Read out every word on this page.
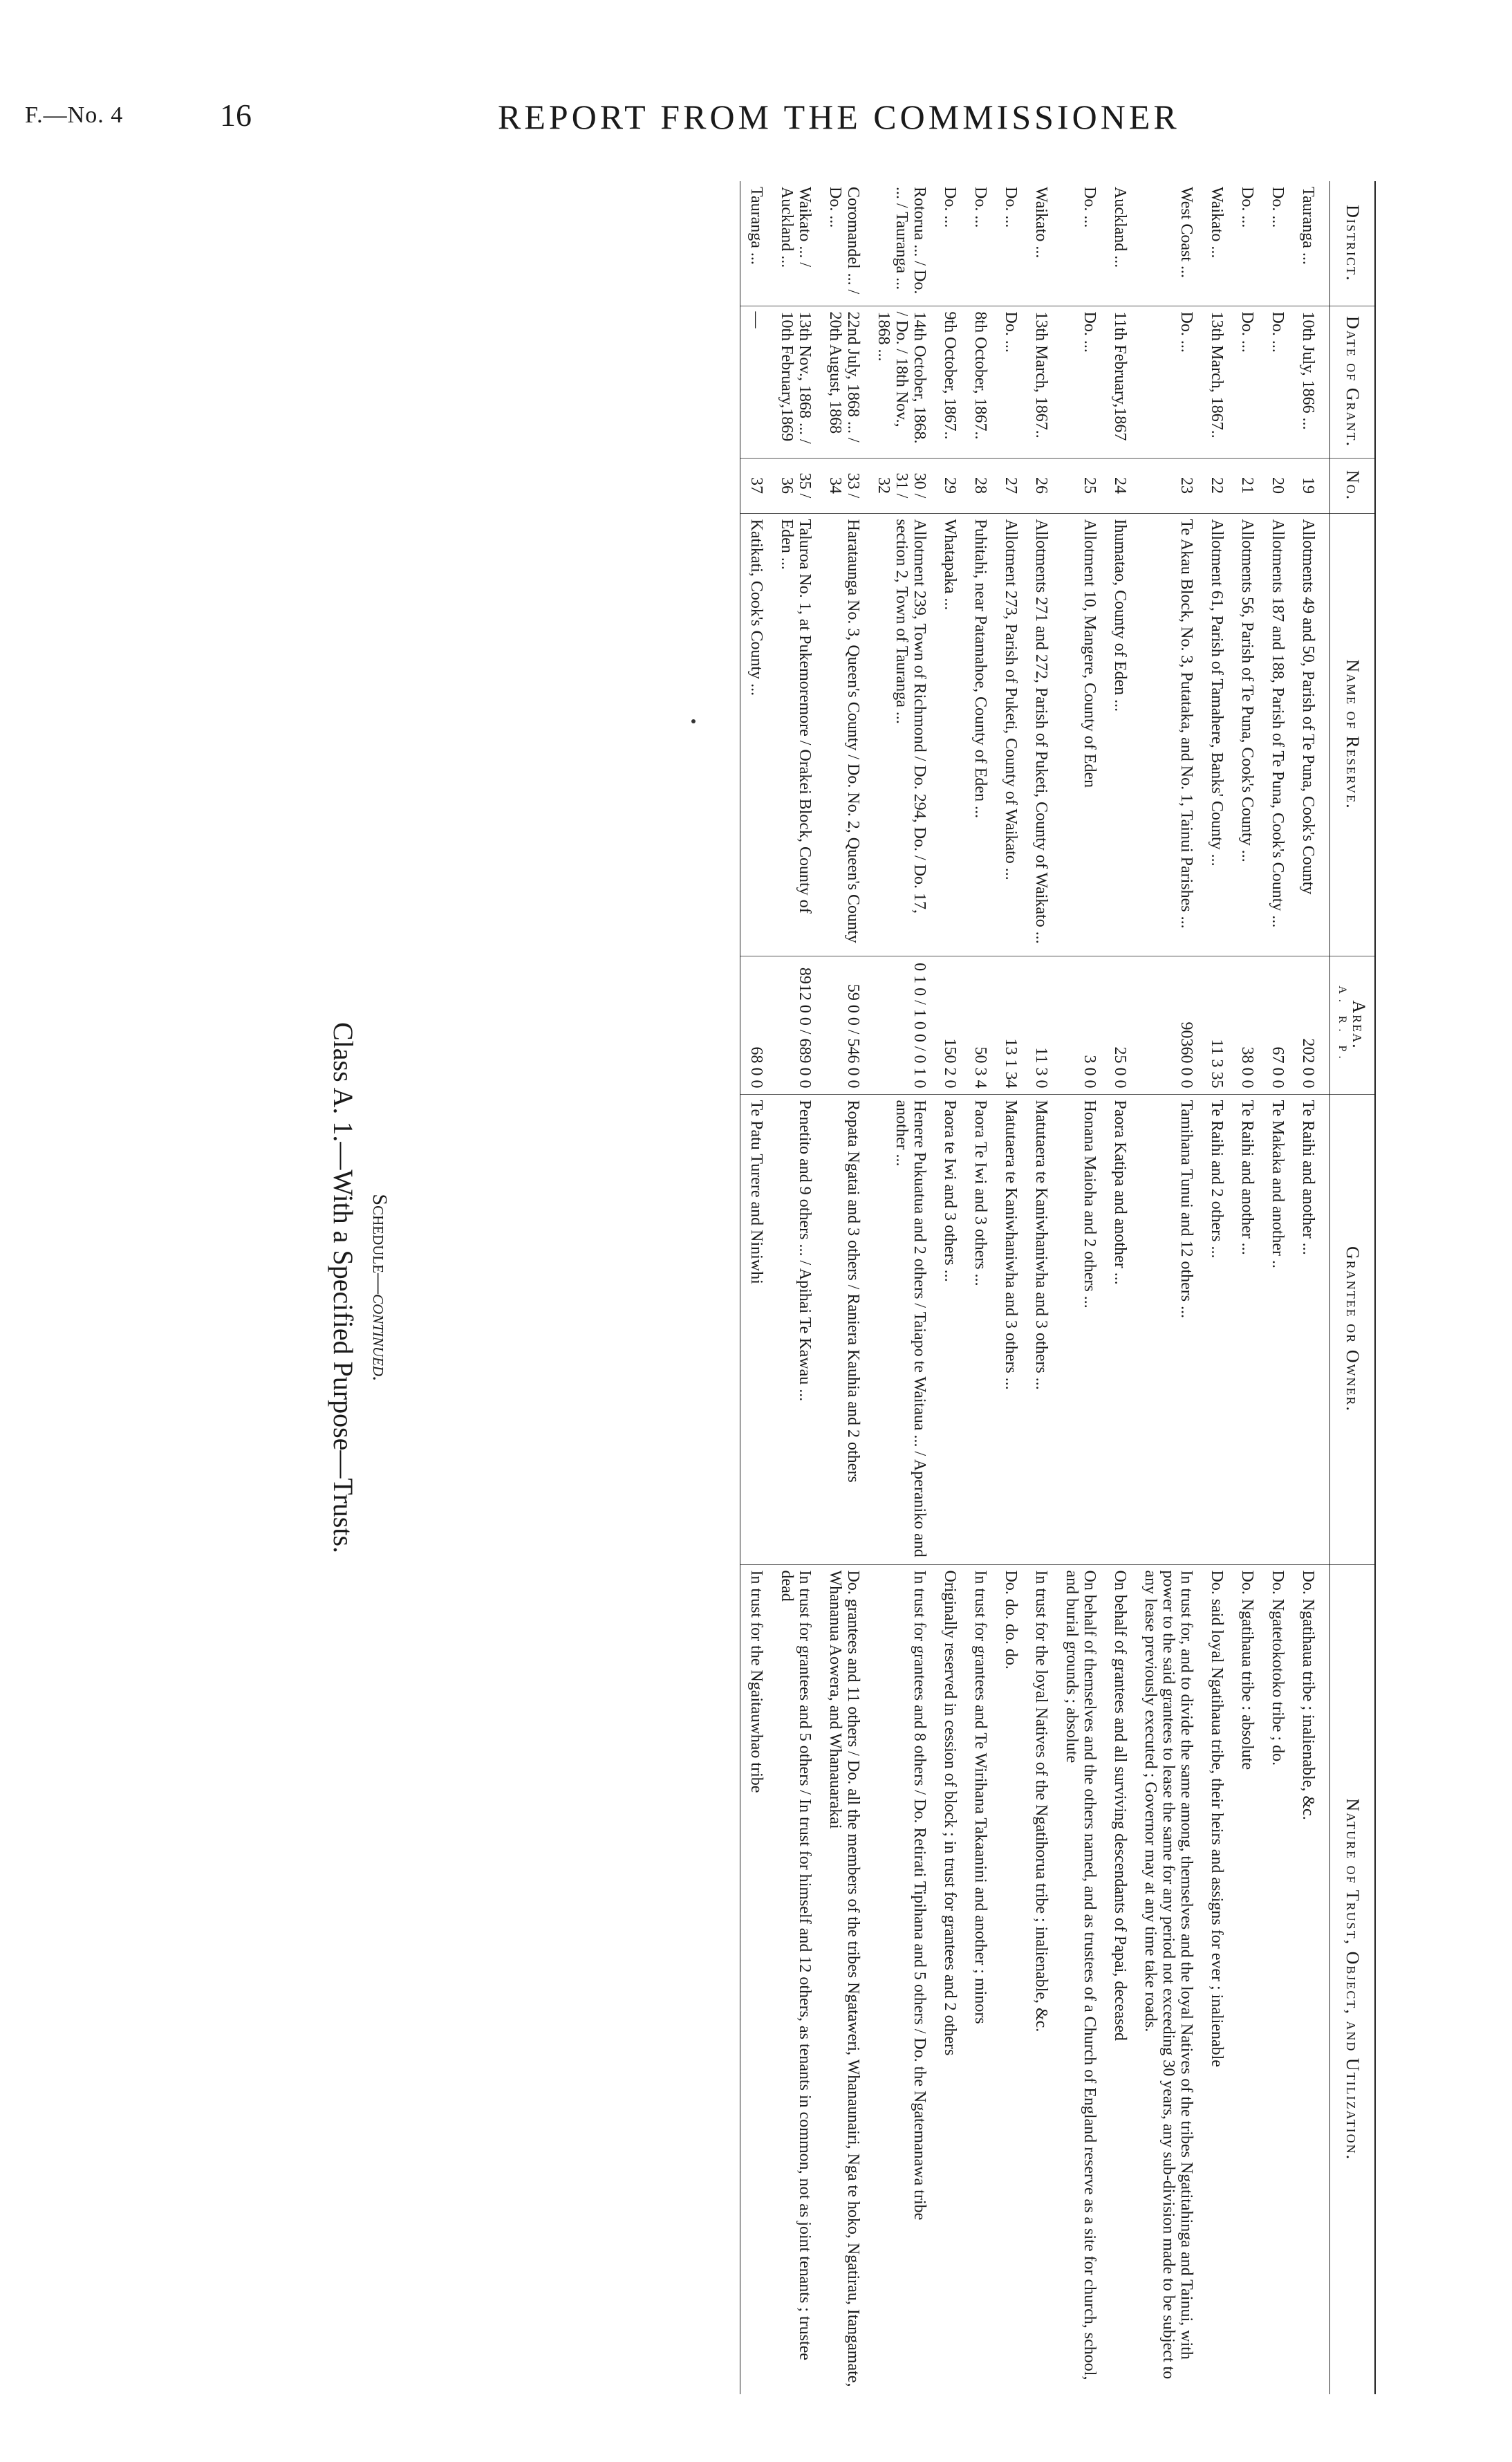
F.—No. 4	16	REPORT FROM THE COMMISSIONER
District.	Date of Grant.	No.	Name of Reserve.	Area.
A. R. P.	Grantee or Owner.	Nature of Trust, Object, and Utilization.
Tauranga ...	10th July, 1866 ...	19	Allotments 49 and 50, Parish of Te Puna, Cook's County	202 0 0	Te Raihi and another ...	Do. Ngatihaua tribe ; inalienable, &c.
Do. ...	Do. ...	20	Allotments 187 and 188, Parish of Te Puna, Cook's County ...	67 0 0	Te Makaka and another ..	Do. Ngatetokotoko tribe ; do.
Do. ...	Do. ...	21	Allotments 56, Parish of Te Puna, Cook's County ...	38 0 0	Te Raihi and another ...	Do. Ngatihaua tribe : absolute
Waikato ...	13th March, 1867..	22	Allotment 61, Parish of Tamahere, Banks' County ...	11 3 35	Te Raihi and 2 others ...	Do. said loyal Ngatihaua tribe, their heirs and assigns for ever ; inalienable
West Coast ...	Do. ...	23	Te Akau Block, No. 3, Putataka, and No. 1, Tainui Parishes ...	90360 0 0	Tamihana Tunui and 12 others ...	In trust for, and to divide the same among, themselves and the loyal Natives of the tribes Ngatitahinga and Tainui, with power to the said grantees to lease the same for any period not exceeding 30 years, any sub-division made to be subject to any lease previously executed ; Governor may at any time take roads.
Auckland ...	11th February,1867	24	Ihumatao, County of Eden ...	25 0 0	Paora Katipa and another ...	On behalf of grantees and all surviving descendants of Papai, deceased
Do. ...	Do. ...	25	Allotment 10, Mangere, County of Eden	3 0 0	Honana Maioha and 2 others ...	On behalf of themselves and the others named, and as trustees of a Church of England reserve as a site for church, school, and burial grounds ; absolute
Waikato ...	13th March, 1867..	26	Allotments 271 and 272, Parish of Puketi, County of Waikato ...	11 3 0	Matutaera te Kaniwhaniwha and 3 others ...	In trust for the loyal Natives of the Ngatihorua tribe ; inalienable, &c.
Do. ...	Do. ...	27	Allotment 273, Parish of Puketi, County of Waikato ...	13 1 34	Matutaera te Kaniwhaniwha and 3 others ...	Do. do. do. do.
Do. ...	8th October, 1867..	28	Puhitahi, near Patamahoe, County of Eden ...	50 3 4	Paora Te Iwi and 3 others ...	In trust for grantees and Te Wirihana Takaanini and another ; minors
Do. ...	9th October, 1867..	29	Whatapaka ...	150 2 0	Paora te Iwi and 3 others ...	Originally reserved in cession of block ; in trust for grantees and 2 others
Rotorua ... / Do. ... / Tauranga ...	14th October, 1868. / Do. / 18th Nov., 1868 ...	30 / 31 / 32	Allotment 239, Town of Richmond / Do. 294, Do. / Do. 17, section 2, Town of Tauranga ...	0 1 0 / 1 0 0 / 0 1 0	Henere Pukuatua and 2 others / Taiapo te Waitaua ... / Aperaniko and another ...	In trust for grantees and 8 others / Do. Retirati Tipihana and 5 others / Do. the Ngatemanawa tribe
Coromandel ... / Do. ...	22nd July, 1868 ... / 20th August, 1868	33 / 34	Harataunga No. 3, Queen's County / Do. No. 2, Queen's County	59 0 0 / 546 0 0	Ropata Ngatai and 3 others / Raniera Kauhia and 2 others	Do. grantees and 11 others / Do. all the members of the tribes Ngataweri, Whanaunairi, Nga te hoko, Ngatirau, Itangamate, Whananua Aowera, and Whanauarakai
Waikato ... / Auckland ...	13th Nov., 1868 ... / 10th February,1869	35 / 36	Taluroa No. 1, at Pukemoremore / Orakei Block, County of Eden ...	8912 0 0 / 689 0 0	Penetito and 9 others ... / Apihai Te Kawau ...	In trust for grantees and 5 others / In trust for himself and 12 others, as tenants in common, not as joint tenants ; trustee dead
Tauranga ...	—	37	Katikati, Cook's County ...	68 0 0	Te Patu Turere and Niniwhi	In trust for the Ngaitauwhao tribe
Schedule—continued.
Class A. 1.—With a Specified Purpose—Trusts.
